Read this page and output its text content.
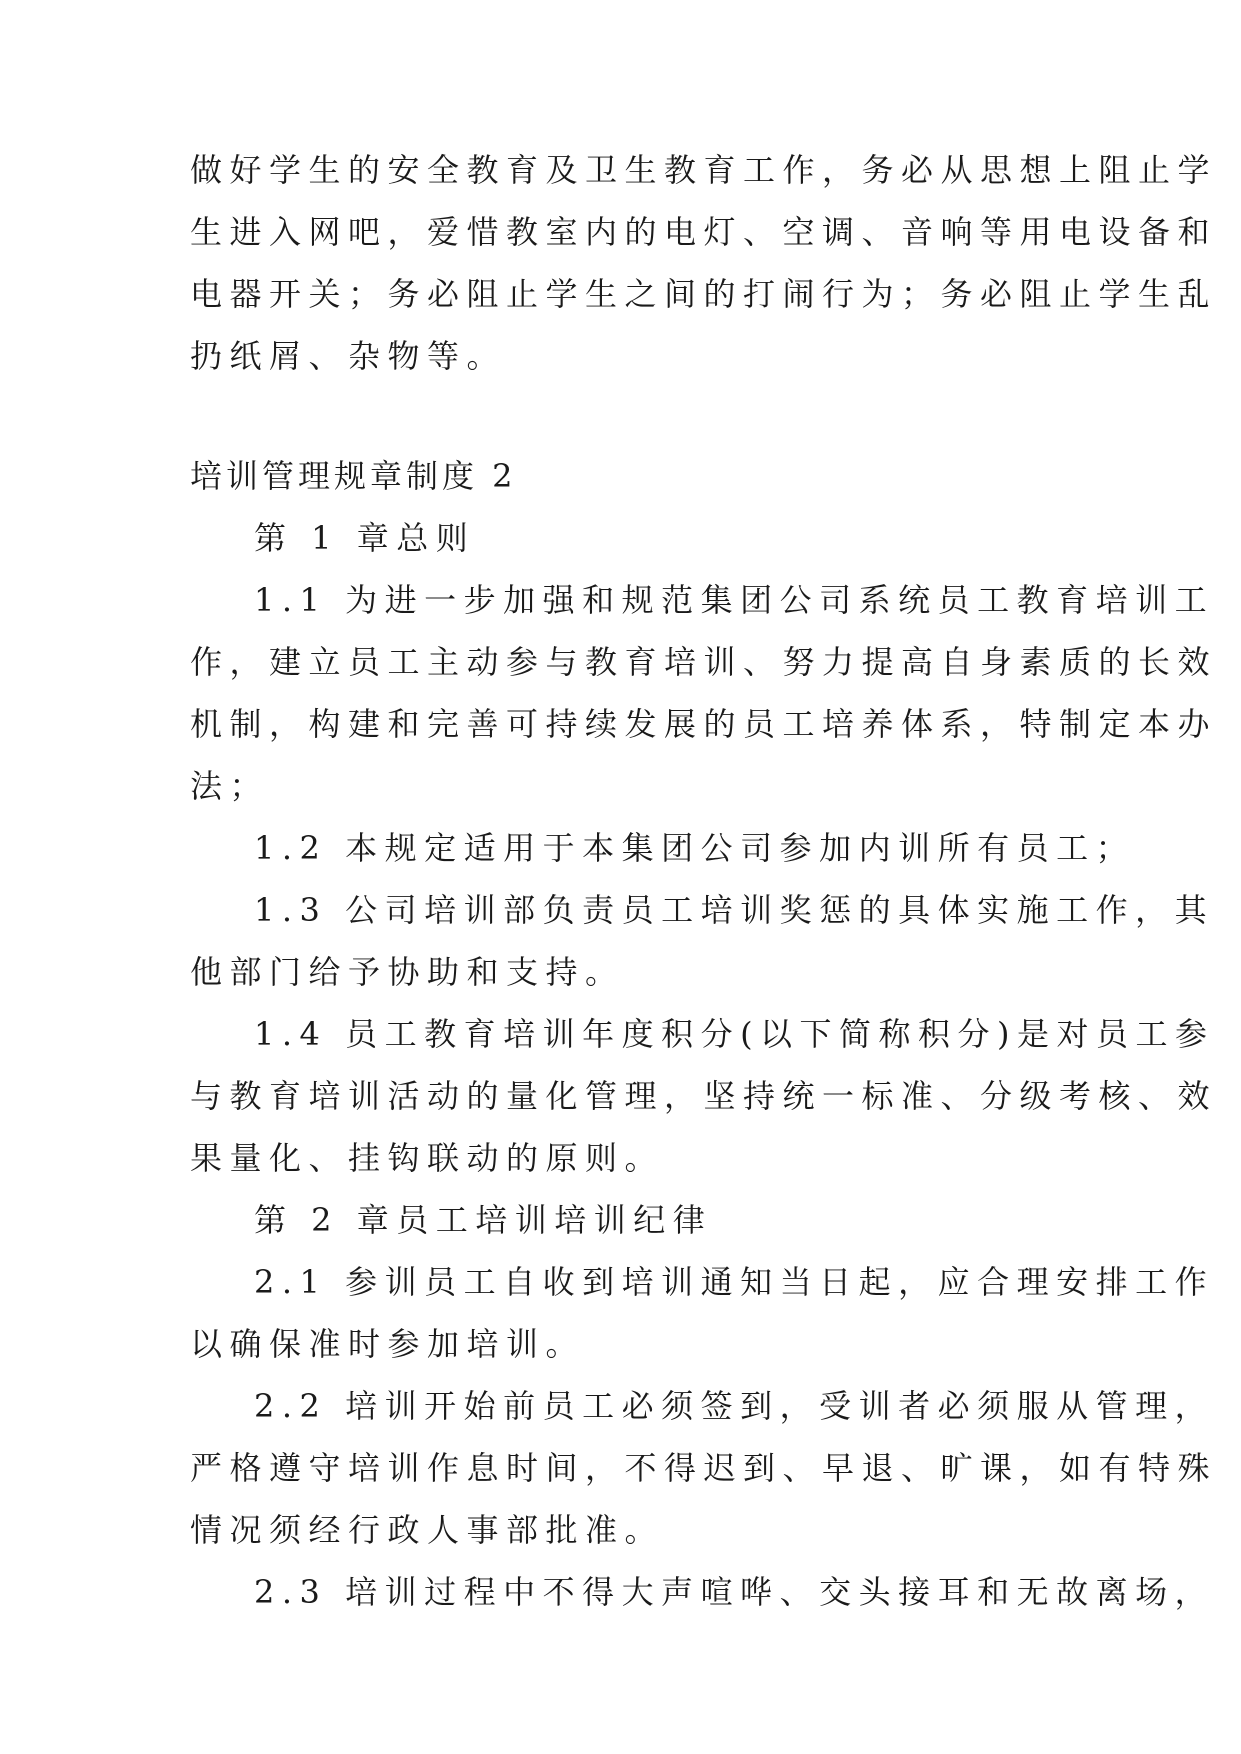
做好学生的安全教育及卫生教育工作，务必从思想上阻止学
生进入网吧，爱惜教室内的电灯、空调、音响等用电设备和
电器开关；务必阻止学生之间的打闹行为；务必阻止学生乱
扔纸屑、杂物等。
培训管理规章制度 2
第 1 章总则
1.1 为进一步加强和规范集团公司系统员工教育培训工
作，建立员工主动参与教育培训、努力提高自身素质的长效
机制，构建和完善可持续发展的员工培养体系，特制定本办
法；
1.2 本规定适用于本集团公司参加内训所有员工；
1.3 公司培训部负责员工培训奖惩的具体实施工作，其
他部门给予协助和支持。
1.4 员工教育培训年度积分(以下简称积分)是对员工参
与教育培训活动的量化管理，坚持统一标准、分级考核、效
果量化、挂钩联动的原则。
第 2 章员工培训培训纪律
2.1 参训员工自收到培训通知当日起，应合理安排工作
以确保准时参加培训。
2.2 培训开始前员工必须签到，受训者必须服从管理，
严格遵守培训作息时间，不得迟到、早退、旷课，如有特殊
情况须经行政人事部批准。
2.3 培训过程中不得大声喧哗、交头接耳和无故离场，
